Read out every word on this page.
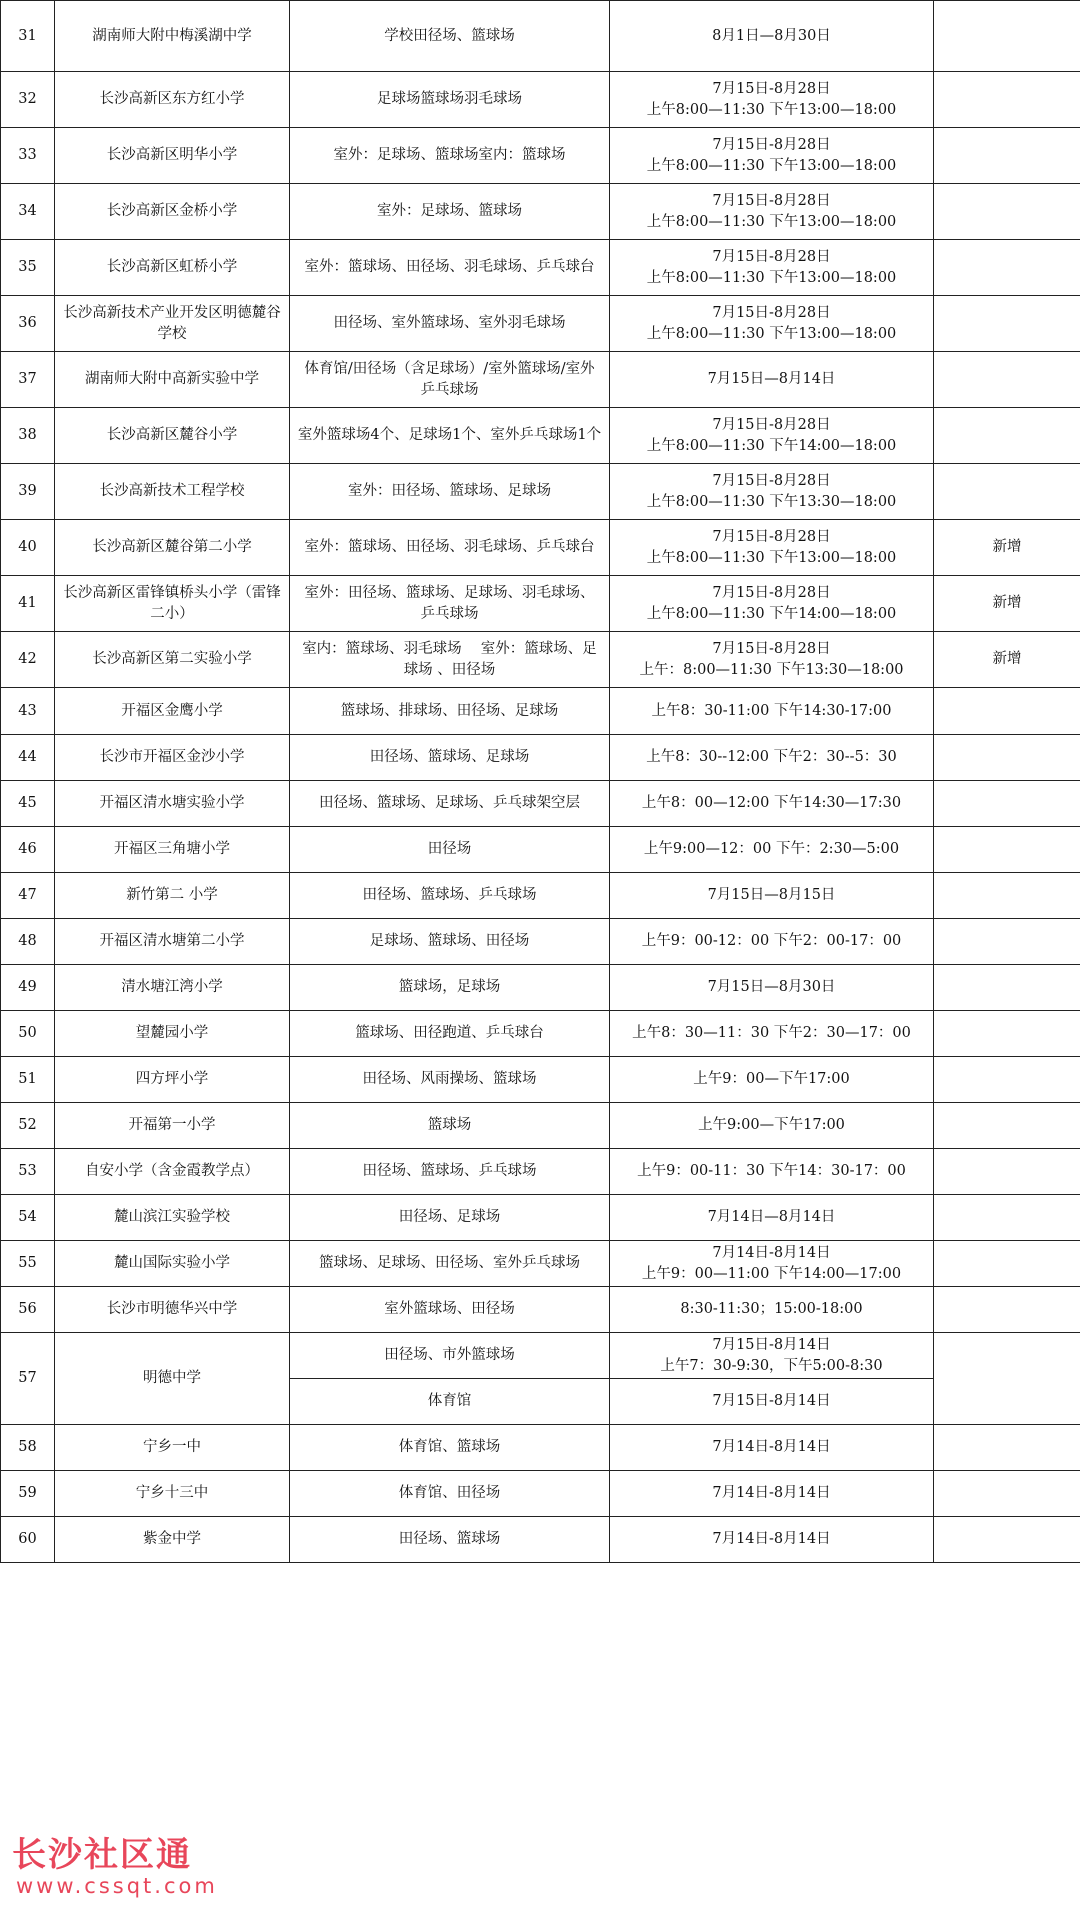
31	湖南师大附中梅溪湖中学	学校田径场、篮球场	8月1日—8月30日	

32	长沙高新区东方红小学	足球场篮球场羽毛球场	7月15日-8月28日
上午8:00—11:30 下午13:00—18:00	

33	长沙高新区明华小学	室外：足球场、篮球场室内：篮球场	7月15日-8月28日
上午8:00—11:30 下午13:00—18:00	

34	长沙高新区金桥小学	室外：足球场、篮球场	7月15日-8月28日
上午8:00—11:30 下午13:00—18:00	

35	长沙高新区虹桥小学	室外：篮球场、田径场、羽毛球场、乒乓球台	7月15日-8月28日
上午8:00—11:30 下午13:00—18:00	

36	长沙高新技术产业开发区明德麓谷学校	田径场、室外篮球场、室外羽毛球场	7月15日-8月28日
上午8:00—11:30 下午13:00—18:00	

37	湖南师大附中高新实验中学	体育馆/田径场（含足球场）/室外篮球场/室外
乒乓球场	7月15日—8月14日	

38	长沙高新区麓谷小学	室外篮球场4个、足球场1个、室外乒乓球场1个	7月15日-8月28日
上午8:00—11:30 下午14:00—18:00	

39	长沙高新技术工程学校	室外：田径场、篮球场、足球场	7月15日-8月28日
上午8:00—11:30 下午13:30—18:00	

40	长沙高新区麓谷第二小学	室外：篮球场、田径场、羽毛球场、乒乓球台	7月15日-8月28日
上午8:00—11:30 下午13:00—18:00	新增
41	长沙高新区雷锋镇桥头小学（雷锋二小）	室外：田径场、篮球场、足球场、羽毛球场、
乒乓球场	7月15日-8月28日
上午8:00—11:30 下午14:00—18:00	新增
42	长沙高新区第二实验小学	室内：篮球场、羽毛球场　 室外：篮球场、足
球场 、田径场	7月15日-8月28日
上午：8:00—11:30 下午13:30—18:00	新增
43	开福区金鹰小学	篮球场、排球场、田径场、足球场	上午8：30-11:00 下午14:30-17:00	

44	长沙市开福区金沙小学	田径场、篮球场、足球场	上午8：30--12:00 下午2：30--5：30	

45	开福区清水塘实验小学	田径场、篮球场、足球场、乒乓球架空层	上午8：00—12:00 下午14:30—17:30	

46	开福区三角塘小学	田径场	上午9:00—12：00 下午：2:30—5:00	

47	新竹第二 小学	田径场、篮球场、乒乓球场	7月15日—8月15日	

48	开福区清水塘第二小学	足球场、篮球场、田径场	上午9：00-12：00 下午2：00-17：00	

49	清水塘江湾小学	篮球场，足球场	7月15日—8月30日	

50	望麓园小学	篮球场、田径跑道、乒乓球台	上午8：30—11：30 下午2：30—17：00	

51	四方坪小学	田径场、风雨操场、篮球场	上午9：00—下午17:00	

52	开福第一小学	篮球场	上午9:00—下午17:00	

53	自安小学（含金霞教学点）	田径场、篮球场、乒乓球场	上午9：00-11：30 下午14：30-17：00	

54	麓山滨江实验学校	田径场、足球场	7月14日—8月14日	

55	麓山国际实验小学	篮球场、足球场、田径场、室外乒乓球场	7月14日-8月14日
上午9：00—11:00 下午14:00—17:00	

56	长沙市明德华兴中学	室外篮球场、田径场	8:30-11:30；15:00-18:00	

57	明德中学	田径场、市外篮球场	7月15日-8月14日
上午7：30-9:30，下午5:00-8:30	

		体育馆	7月15日-8月14日	

58	宁乡一中	体育馆、篮球场	7月14日-8月14日	

59	宁乡十三中	体育馆、田径场	7月14日-8月14日	

60	紫金中学	田径场、篮球场	7月14日-8月14日	

长沙社区通
www.cssqt.com
